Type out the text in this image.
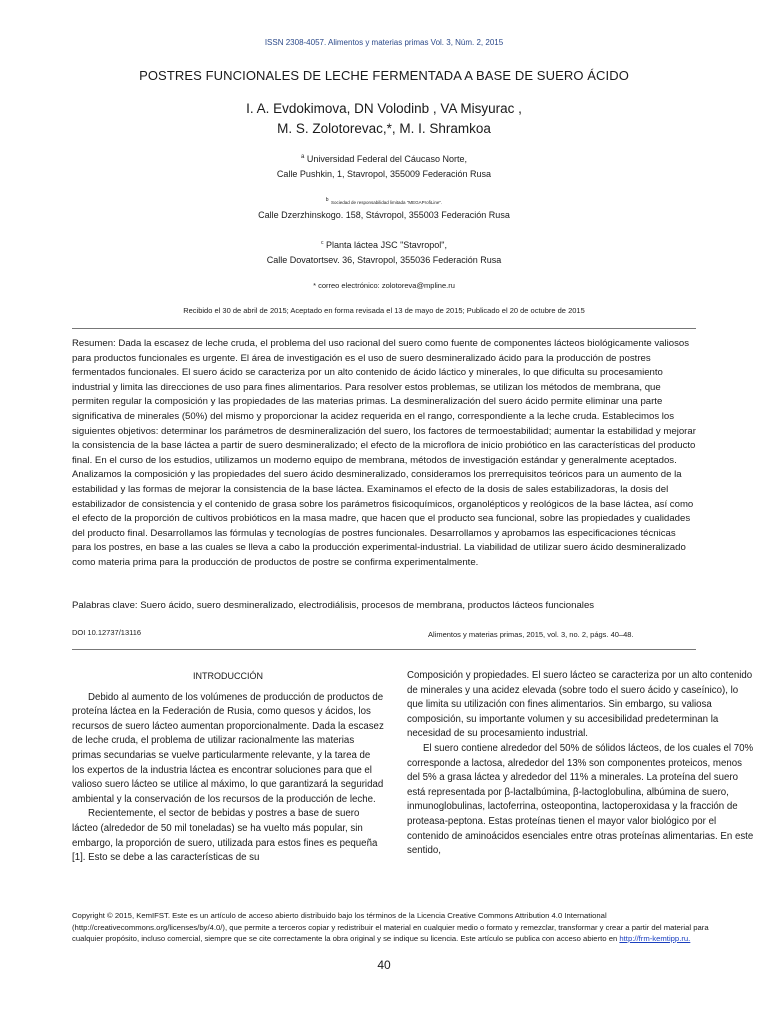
ISSN 2308-4057. Alimentos y materias primas Vol. 3, Núm. 2, 2015
POSTRES FUNCIONALES DE LECHE FERMENTADA A BASE DE SUERO ÁCIDO
I. A. Evdokimova, DN Volodinb , VA Misyurac ,
M. S. Zolotorevac,*, M. I. Shramkoa
$^a$ Universidad Federal del Cáucaso Norte,
Calle Pushkin, 1, Stavropol, 355009 Federación Rusa
$^b$ Sociedad de responsabilidad limitada "MEGAProfiLine".
Calle Dzerzhinskogo. 158, Stávropol, 355003 Federación Rusa
$^c$ Planta láctea JSC "Stavropol",
Calle Dovatortsev. 36, Stavropol, 355036 Federación Rusa
* correo electrónico: zolotoreva@mpline.ru
Recibido el 30 de abril de 2015; Aceptado en forma revisada el 13 de mayo de 2015; Publicado el 20 de octubre de 2015

Resumen: Dada la escasez de leche cruda, el problema del uso racional del suero como fuente de componentes lácteos biológicamente valiosos para productos funcionales es urgente. El área de investigación es el uso de suero desmineralizado ácido para la producción de postres fermentados funcionales. El suero ácido se caracteriza por un alto contenido de ácido láctico y minerales, lo que dificulta su procesamiento industrial y limita las direcciones de uso para fines alimentarios. Para resolver estos problemas, se utilizan los métodos de membrana, que permiten regular la composición y las propiedades de las materias primas. La desmineralización del suero ácido permite eliminar una parte significativa de minerales (50%) del mismo y proporcionar la acidez requerida en el rango, correspondiente a la leche cruda. Establecimos los siguientes objetivos: determinar los parámetros de desmineralización del suero, los factores de termoestabilidad; aumentar la estabilidad y mejorar la consistencia de la base láctea a partir de suero desmineralizado; el efecto de la microflora de inicio probiótico en las características del producto final. En el curso de los estudios, utilizamos un moderno equipo de membrana, métodos de investigación estándar y generalmente aceptados. Analizamos la composición y las propiedades del suero ácido desmineralizado, consideramos los prerrequisitos teóricos para un aumento de la estabilidad y las formas de mejorar la consistencia de la base láctea. Examinamos el efecto de la dosis de sales estabilizadoras, la dosis del estabilizador de consistencia y el contenido de grasa sobre los parámetros fisicoquímicos, organolépticos y reológicos de la base láctea, así como el efecto de la proporción de cultivos probióticos en la masa madre, que hacen que el producto sea funcional, sobre las propiedades y cualidades del producto final. Desarrollamos las fórmulas y tecnologías de postres funcionales. Desarrollamos y aprobamos las especificaciones técnicas para los postres, en base a las cuales se lleva a cabo la producción experimental-industrial. La viabilidad de utilizar suero ácido desmineralizado como materia prima para la producción de productos de postre se confirma experimentalmente.

Palabras clave: Suero ácido, suero desmineralizado, electrodiálisis, procesos de membrana, productos lácteos funcionales

DOI 10.12737/13116	Alimentos y materias primas, 2015, vol. 3, no. 2, págs. 40–48.

INTRODUCCIÓN

Debido al aumento de los volúmenes de producción de productos de proteína láctea en la Federación de Rusia, como quesos y ácidos, los recursos de suero lácteo aumentan proporcionalmente. Dada la escasez de leche cruda, el problema de utilizar racionalmente las materias primas secundarias se vuelve particularmente relevante, y la tarea de los expertos de la industria láctea es encontrar soluciones para que el valioso suero lácteo se utilice al máximo, lo que garantizará la seguridad ambiental y la conservación de los recursos de la producción de leche.

Recientemente, el sector de bebidas y postres a base de suero lácteo (alrededor de 50 mil toneladas) se ha vuelto más popular, sin embargo, la proporción de suero, utilizada para estos fines es pequeña [1]. Esto se debe a las características de su

Composición y propiedades. El suero lácteo se caracteriza por un alto contenido de minerales y una acidez elevada (sobre todo el suero ácido y caseínico), lo que limita su utilización con fines alimentarios. Sin embargo, su valiosa composición, su importante volumen y su accesibilidad predeterminan la necesidad de su procesamiento industrial.

El suero contiene alrededor del 50% de sólidos lácteos, de los cuales el 70% corresponde a lactosa, alrededor del 13% son componentes proteicos, menos del 5% a grasa láctea y alrededor del 11% a minerales. La proteína del suero está representada por β-lactalbúmina, β-lactoglobulina, albúmina de suero, inmunoglobulinas, lactoferrina, osteopontina, lactoperoxidasa y la fracción de proteasa-peptona. Estas proteínas tienen el mayor valor biológico por el contenido de aminoácidos esenciales entre otras proteínas alimentarias. En este sentido,

Copyright © 2015, KemIFST. Este es un artículo de acceso abierto distribuido bajo los términos de la Licencia Creative Commons Attribution 4.0 International (http://creativecommons.org/licenses/by/4.0/), que permite a terceros copiar y redistribuir el material en cualquier medio o formato y remezclar, transformar y crear a partir del material para cualquier propósito, incluso comercial, siempre que se cite correctamente la obra original y se indique su licencia. Este artículo se publica con acceso abierto en http://frm-kemtipp.ru.

40
